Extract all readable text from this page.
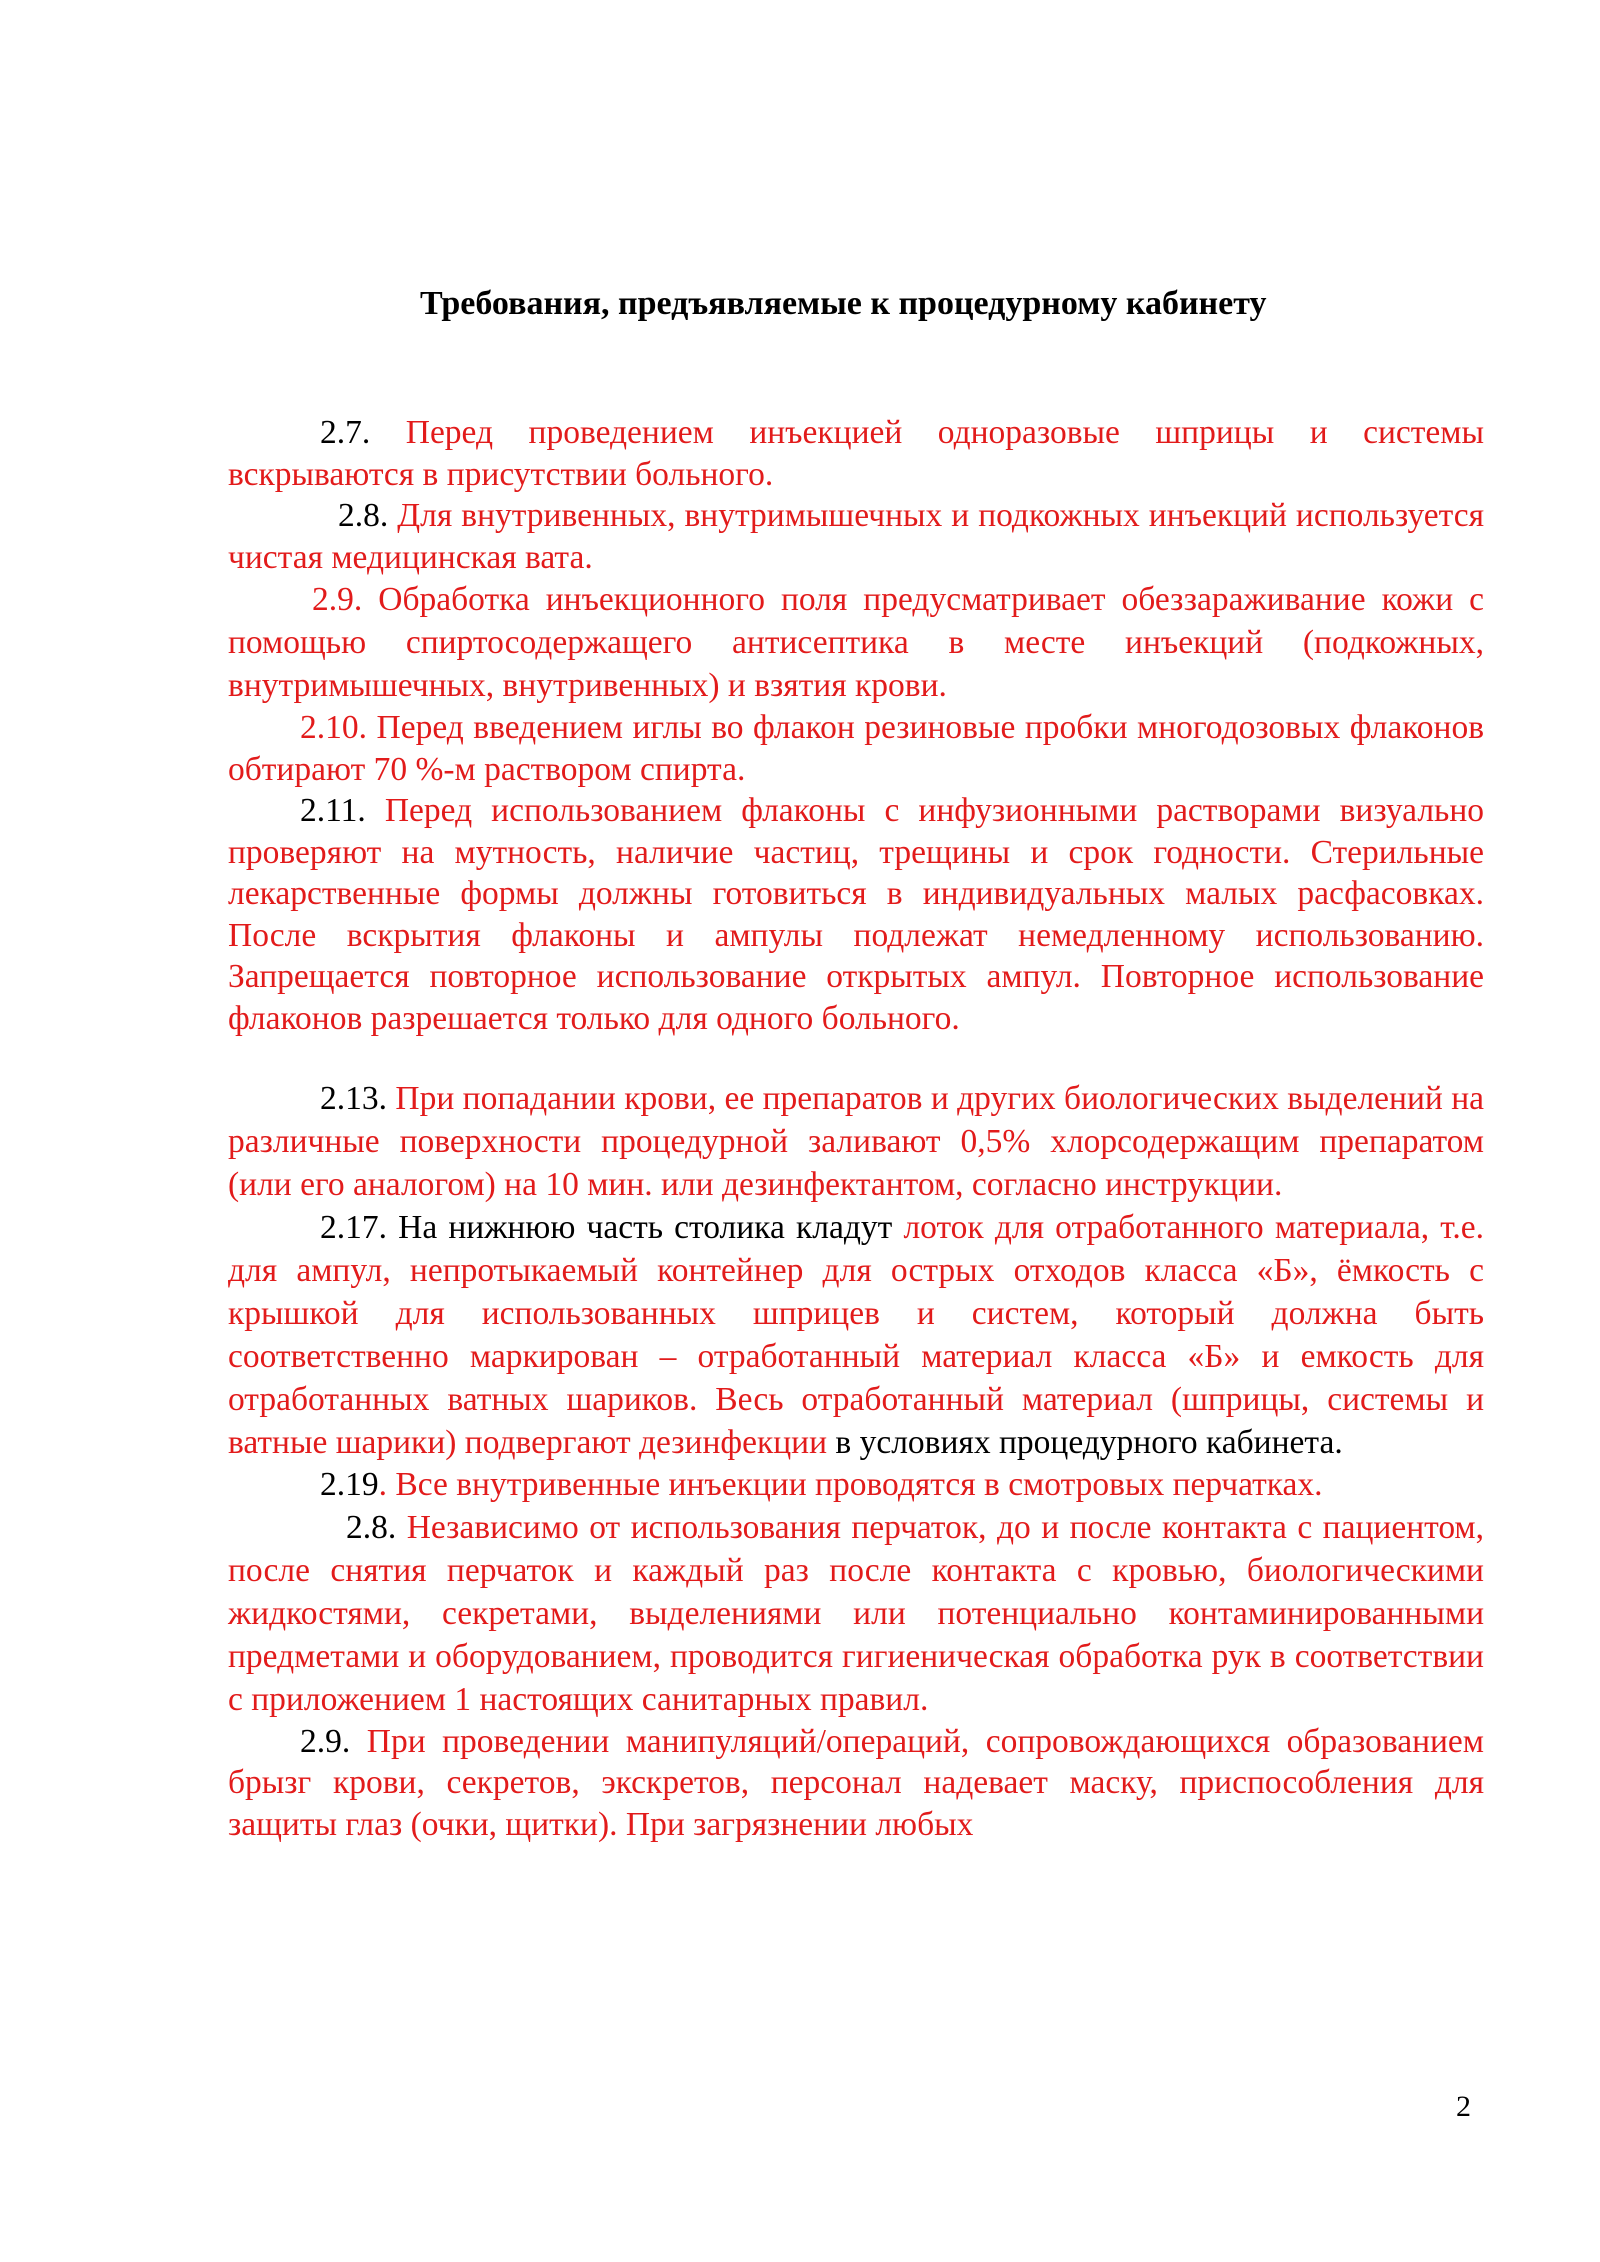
Требования, предъявляемые к процедурному кабинету

2.7. Перед проведением инъекцией одноразовые шприцы и системы вскрываются в присутствии больного.

2.8. Для внутривенных, внутримышечных и подкожных инъекций используется чистая медицинская вата.

2.9. Обработка инъекционного поля предусматривает обеззараживание кожи с помощью спиртосодержащего антисептика в месте инъекций (подкожных, внутримышечных, внутривенных) и взятия крови.

2.10. Перед введением иглы во флакон резиновые пробки многодозовых флаконов обтирают 70 %-м раствором спирта.

2.11. Перед использованием флаконы с инфузионными растворами визуально проверяют на мутность, наличие частиц, трещины и срок годности. Стерильные лекарственные формы должны готовиться в индивидуальных малых расфасовках. После вскрытия флаконы и ампулы подлежат немедленному использованию. Запрещается повторное использование открытых ампул. Повторное использование флаконов разрешается только для одного больного.

2.13. При попадании крови, ее препаратов и других биологических выделений на различные поверхности процедурной заливают 0,5% хлорсодержащим препаратом (или его аналогом) на 10 мин. или дезинфектантом, согласно инструкции.

2.17. На нижнюю часть столика кладут лоток для отработанного материала, т.е. для ампул, непротыкаемый контейнер для острых отходов класса «Б», ёмкость с крышкой для использованных шприцев и систем, который должна быть соответственно маркирован – отработанный материал класса «Б» и емкость для отработанных ватных шариков. Весь отработанный материал (шприцы, системы и ватные шарики) подвергают дезинфекции в условиях процедурного кабинета.

2.19. Все внутривенные инъекции проводятся в смотровых перчатках.

2.8. Независимо от использования перчаток, до и после контакта с пациентом, после снятия перчаток и каждый раз после контакта с кровью, биологическими жидкостями, секретами, выделениями или потенциально контаминированными предметами и оборудованием, проводится гигиеническая обработка рук в соответствии с приложением 1 настоящих санитарных правил.

2.9. При проведении манипуляций/операций, сопровождающихся образованием брызг крови, секретов, экскретов, персонал надевает маску, приспособления для защиты глаз (очки, щитки). При загрязнении любых

2
